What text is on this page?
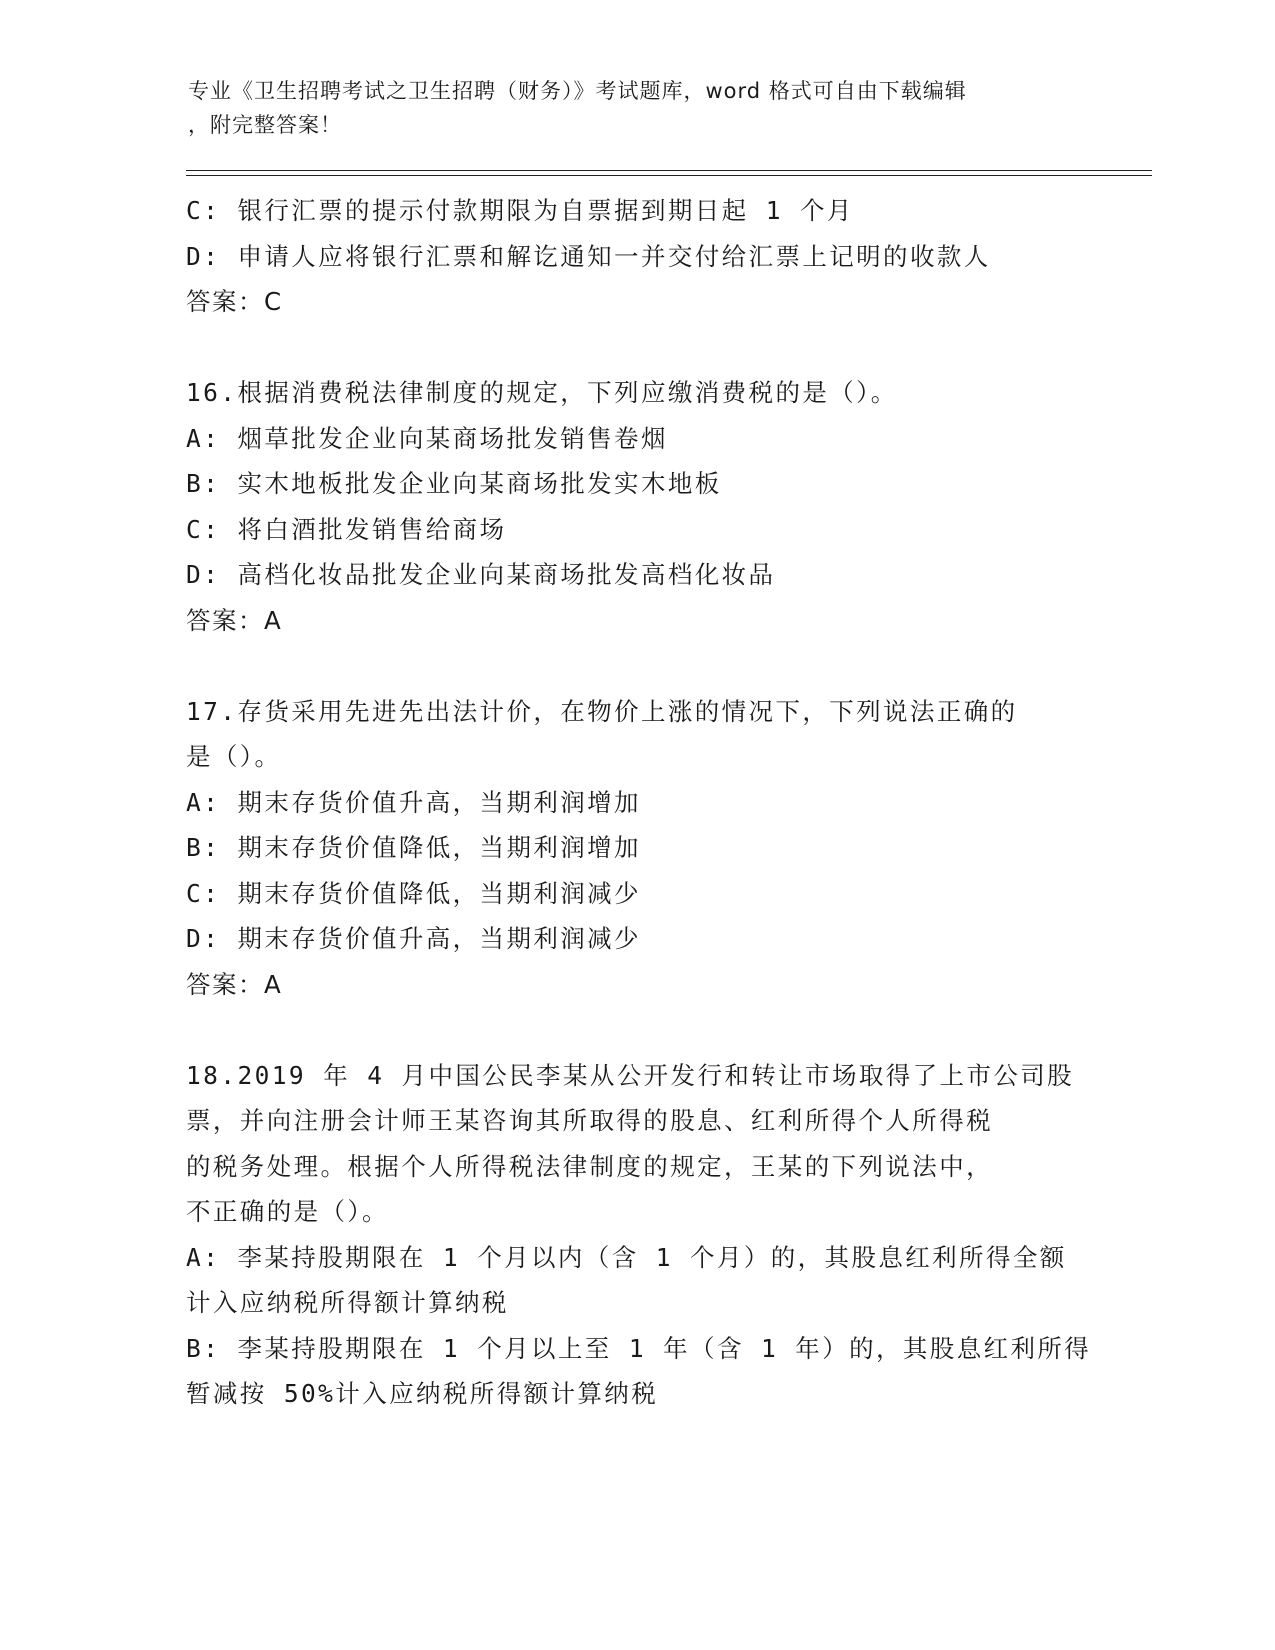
专业《卫生招聘考试之卫生招聘（财务）》考试题库，word 格式可自由下载编辑
，附完整答案！
C: 银行汇票的提示付款期限为自票据到期日起 1 个月
D: 申请人应将银行汇票和解讫通知一并交付给汇票上记明的收款人
答案：C
16.根据消费税法律制度的规定，下列应缴消费税的是（）。
A: 烟草批发企业向某商场批发销售卷烟
B: 实木地板批发企业向某商场批发实木地板
C: 将白酒批发销售给商场
D: 高档化妆品批发企业向某商场批发高档化妆品
答案：A
17.存货采用先进先出法计价，在物价上涨的情况下，下列说法正确的
是（）。
A: 期末存货价值升高，当期利润增加
B: 期末存货价值降低，当期利润增加
C: 期末存货价值降低，当期利润减少
D: 期末存货价值升高，当期利润减少
答案：A
18.2019 年 4 月中国公民李某从公开发行和转让市场取得了上市公司股
票，并向注册会计师王某咨询其所取得的股息、红利所得个人所得税
的税务处理。根据个人所得税法律制度的规定，王某的下列说法中，
不正确的是（）。
A: 李某持股期限在 1 个月以内（含 1 个月）的，其股息红利所得全额
计入应纳税所得额计算纳税
B: 李某持股期限在 1 个月以上至 1 年（含 1 年）的，其股息红利所得
暂减按 50%计入应纳税所得额计算纳税
